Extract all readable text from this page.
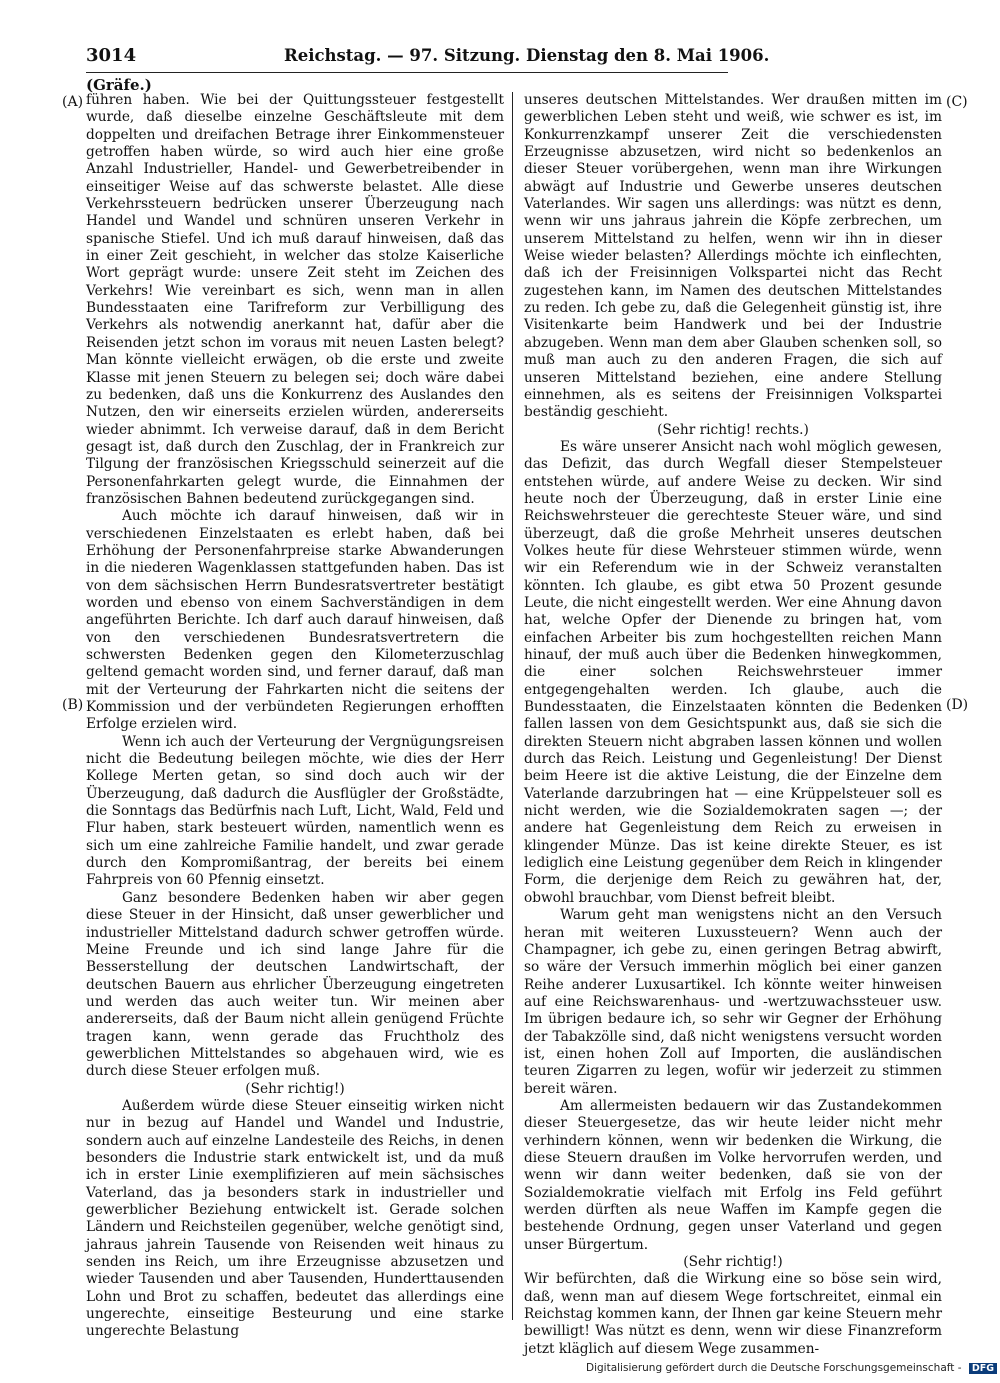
3014	Reichstag. — 97. Sitzung. Dienstag den 8. Mai 1906.
(Gräfe.)
(A)
(B)
(C)
(D)

führen haben. Wie bei der Quittungssteuer festgestellt wurde, daß dieselbe einzelne Geschäftsleute mit dem doppelten und dreifachen Betrage ihrer Einkommensteuer getroffen haben würde, so wird auch hier eine große Anzahl Industrieller, Handel- und Gewerbetreibender in einseitiger Weise auf das schwerste belastet. Alle diese Verkehrssteuern bedrücken unserer Überzeugung nach Handel und Wandel und schnüren unseren Verkehr in spanische Stiefel. Und ich muß darauf hinweisen, daß das in einer Zeit geschieht, in welcher das stolze Kaiserliche Wort geprägt wurde: unsere Zeit steht im Zeichen des Verkehrs! Wie vereinbart es sich, wenn man in allen Bundesstaaten eine Tarifreform zur Verbilligung des Verkehrs als notwendig anerkannt hat, dafür aber die Reisenden jetzt schon im voraus mit neuen Lasten belegt? Man könnte vielleicht erwägen, ob die erste und zweite Klasse mit jenen Steuern zu belegen sei; doch wäre dabei zu bedenken, daß uns die Konkurrenz des Auslandes den Nutzen, den wir einerseits erzielen würden, andererseits wieder abnimmt. Ich verweise darauf, daß in dem Bericht gesagt ist, daß durch den Zuschlag, der in Frankreich zur Tilgung der französischen Kriegsschuld seinerzeit auf die Personenfahrkarten gelegt wurde, die Einnahmen der französischen Bahnen bedeutend zurückgegangen sind.

Auch möchte ich darauf hinweisen, daß wir in verschiedenen Einzelstaaten es erlebt haben, daß bei Erhöhung der Personenfahrpreise starke Abwanderungen in die niederen Wagenklassen stattgefunden haben. Das ist von dem sächsischen Herrn Bundesratsvertreter bestätigt worden und ebenso von einem Sachverständigen in dem angeführten Berichte. Ich darf auch darauf hinweisen, daß von den verschiedenen Bundesratsvertretern die schwersten Bedenken gegen den Kilometerzuschlag geltend gemacht worden sind, und ferner darauf, daß man mit der Verteurung der Fahrkarten nicht die seitens der Kommission und der verbündeten Regierungen erhofften Erfolge erzielen wird.

Wenn ich auch der Verteurung der Vergnügungsreisen nicht die Bedeutung beilegen möchte, wie dies der Herr Kollege Merten getan, so sind doch auch wir der Überzeugung, daß dadurch die Ausflügler der Großstädte, die Sonntags das Bedürfnis nach Luft, Licht, Wald, Feld und Flur haben, stark besteuert würden, namentlich wenn es sich um eine zahlreiche Familie handelt, und zwar gerade durch den Kompromißantrag, der bereits bei einem Fahrpreis von 60 Pfennig einsetzt.

Ganz besondere Bedenken haben wir aber gegen diese Steuer in der Hinsicht, daß unser gewerblicher und industrieller Mittelstand dadurch schwer getroffen würde. Meine Freunde und ich sind lange Jahre für die Besserstellung der deutschen Landwirtschaft, der deutschen Bauern aus ehrlicher Überzeugung eingetreten und werden das auch weiter tun. Wir meinen aber andererseits, daß der Baum nicht allein genügend Früchte tragen kann, wenn gerade das Fruchtholz des gewerblichen Mittelstandes so abgehauen wird, wie es durch diese Steuer erfolgen muß.

(Sehr richtig!)

Außerdem würde diese Steuer einseitig wirken nicht nur in bezug auf Handel und Wandel und Industrie, sondern auch auf einzelne Landesteile des Reichs, in denen besonders die Industrie stark entwickelt ist, und da muß ich in erster Linie exemplifizieren auf mein sächsisches Vaterland, das ja besonders stark in industrieller und gewerblicher Beziehung entwickelt ist. Gerade solchen Ländern und Reichsteilen gegenüber, welche genötigt sind, jahraus jahrein Tausende von Reisenden weit hinaus zu senden ins Reich, um ihre Erzeugnisse abzusetzen und wieder Tausenden und aber Tausenden, Hunderttausenden Lohn und Brot zu schaffen, bedeutet das allerdings eine ungerechte, einseitige Besteurung und eine starke ungerechte Belastung

unseres deutschen Mittelstandes. Wer draußen mitten im gewerblichen Leben steht und weiß, wie schwer es ist, im Konkurrenzkampf unserer Zeit die verschiedensten Erzeugnisse abzusetzen, wird nicht so bedenkenlos an dieser Steuer vorübergehen, wenn man ihre Wirkungen abwägt auf Industrie und Gewerbe unseres deutschen Vaterlandes. Wir sagen uns allerdings: was nützt es denn, wenn wir uns jahraus jahrein die Köpfe zerbrechen, um unserem Mittelstand zu helfen, wenn wir ihn in dieser Weise wieder belasten? Allerdings möchte ich einflechten, daß ich der Freisinnigen Volkspartei nicht das Recht zugestehen kann, im Namen des deutschen Mittelstandes zu reden. Ich gebe zu, daß die Gelegenheit günstig ist, ihre Visitenkarte beim Handwerk und bei der Industrie abzugeben. Wenn man dem aber Glauben schenken soll, so muß man auch zu den anderen Fragen, die sich auf unseren Mittelstand beziehen, eine andere Stellung einnehmen, als es seitens der Freisinnigen Volkspartei beständig geschieht.

(Sehr richtig! rechts.)

Es wäre unserer Ansicht nach wohl möglich gewesen, das Defizit, das durch Wegfall dieser Stempelsteuer entstehen würde, auf andere Weise zu decken. Wir sind heute noch der Überzeugung, daß in erster Linie eine Reichswehrsteuer die gerechteste Steuer wäre, und sind überzeugt, daß die große Mehrheit unseres deutschen Volkes heute für diese Wehrsteuer stimmen würde, wenn wir ein Referendum wie in der Schweiz veranstalten könnten. Ich glaube, es gibt etwa 50 Prozent gesunde Leute, die nicht eingestellt werden. Wer eine Ahnung davon hat, welche Opfer der Dienende zu bringen hat, vom einfachen Arbeiter bis zum hochgestellten reichen Mann hinauf, der muß auch über die Bedenken hinwegkommen, die einer solchen Reichswehrsteuer immer entgegengehalten werden. Ich glaube, auch die Bundesstaaten, die Einzelstaaten könnten die Bedenken fallen lassen von dem Gesichtspunkt aus, daß sie sich die direkten Steuern nicht abgraben lassen können und wollen durch das Reich. Leistung und Gegenleistung! Der Dienst beim Heere ist die aktive Leistung, die der Einzelne dem Vaterlande darzubringen hat — eine Krüppelsteuer soll es nicht werden, wie die Sozialdemokraten sagen —; der andere hat Gegenleistung dem Reich zu erweisen in klingender Münze. Das ist keine direkte Steuer, es ist lediglich eine Leistung gegenüber dem Reich in klingender Form, die derjenige dem Reich zu gewähren hat, der, obwohl brauchbar, vom Dienst befreit bleibt.

Warum geht man wenigstens nicht an den Versuch heran mit weiteren Luxussteuern? Wenn auch der Champagner, ich gebe zu, einen geringen Betrag abwirft, so wäre der Versuch immerhin möglich bei einer ganzen Reihe anderer Luxusartikel. Ich könnte weiter hinweisen auf eine Reichswarenhaus- und -wertzuwachssteuer usw. Im übrigen bedaure ich, so sehr wir Gegner der Erhöhung der Tabakzölle sind, daß nicht wenigstens versucht worden ist, einen hohen Zoll auf Importen, die ausländischen teuren Zigarren zu legen, wofür wir jederzeit zu stimmen bereit wären.

Am allermeisten bedauern wir das Zustandekommen dieser Steuergesetze, das wir heute leider nicht mehr verhindern können, wenn wir bedenken die Wirkung, die diese Steuern draußen im Volke hervorrufen werden, und wenn wir dann weiter bedenken, daß sie von der Sozialdemokratie vielfach mit Erfolg ins Feld geführt werden dürften als neue Waffen im Kampfe gegen die bestehende Ordnung, gegen unser Vaterland und gegen unser Bürgertum.

(Sehr richtig!)

Wir befürchten, daß die Wirkung eine so böse sein wird, daß, wenn man auf diesem Wege fortschreitet, einmal ein Reichstag kommen kann, der Ihnen gar keine Steuern mehr bewilligt! Was nützt es denn, wenn wir diese Finanzreform jetzt kläglich auf diesem Wege zusammen-

Digitalisierung gefördert durch die Deutsche Forschungsgemeinschaft - DFG
